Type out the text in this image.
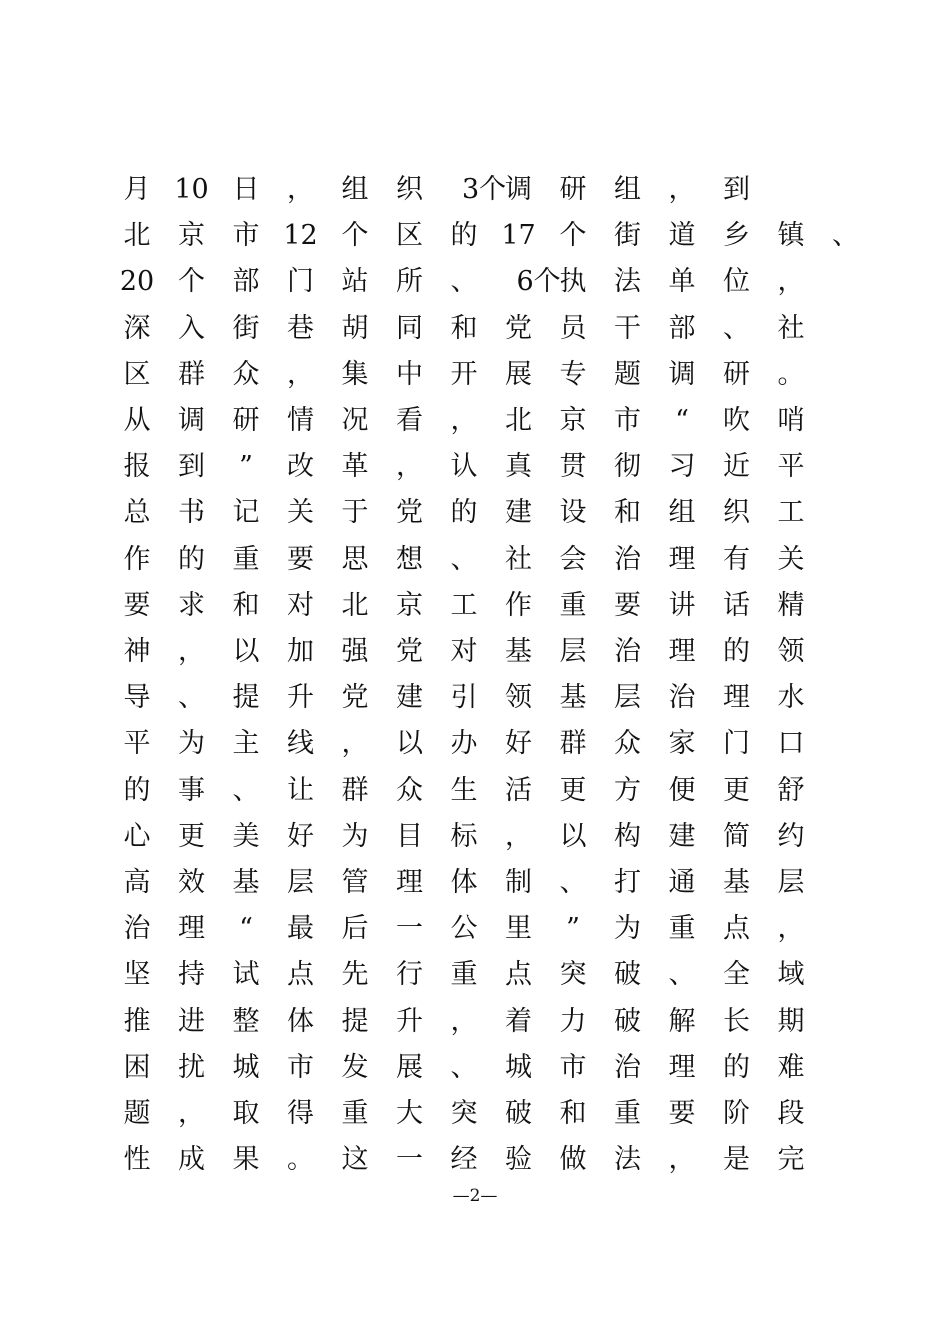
月 10 日	，	组	织	3个
调	研	组	，	到
北	京	市 12 个	区	的 17 个	街	道	乡	镇	、
20 个	部	门	站	所	、	6个
执	法	单	位	，
深	入	街	巷	胡	同	和	党	员	干	部	、	社
区	群	众	，	集	中	开	展	专	题	调	研	。
从	调	研	情	况	看	，	北	京	市	“	吹	哨
报	到	”	改	革	，	认	真	贯	彻	习	近	平
总	书	记	关	于	党	的	建	设	和	组	织	工
作	的	重	要	思	想	、	社	会	治	理	有	关
要	求	和	对	北	京	工	作	重	要	讲	话	精
神	，	以	加	强	党	对	基	层	治	理	的	领
导	、	提	升	党	建	引	领	基	层	治	理	水
平	为	主	线	，	以	办	好	群	众	家	门	口
的	事	、	让	群	众	生	活	更	方	便	更	舒
心	更	美	好	为	目	标	，	以	构	建	简	约
高	效	基	层	管	理	体	制	、	打	通	基	层
治	理	“	最	后	一	公	里	”	为	重	点	，
坚	持	试	点	先	行	重	点	突	破	、	全	域
推	进	整	体	提	升	，	着	力	破	解	长	期
困	扰	城	市	发	展	、	城	市	治	理	的	难
题	，	取	得	重	大	突	破	和	重	要	阶	段
性	成	果	。	这	一	经	验	做	法	，	是	完
—2—
